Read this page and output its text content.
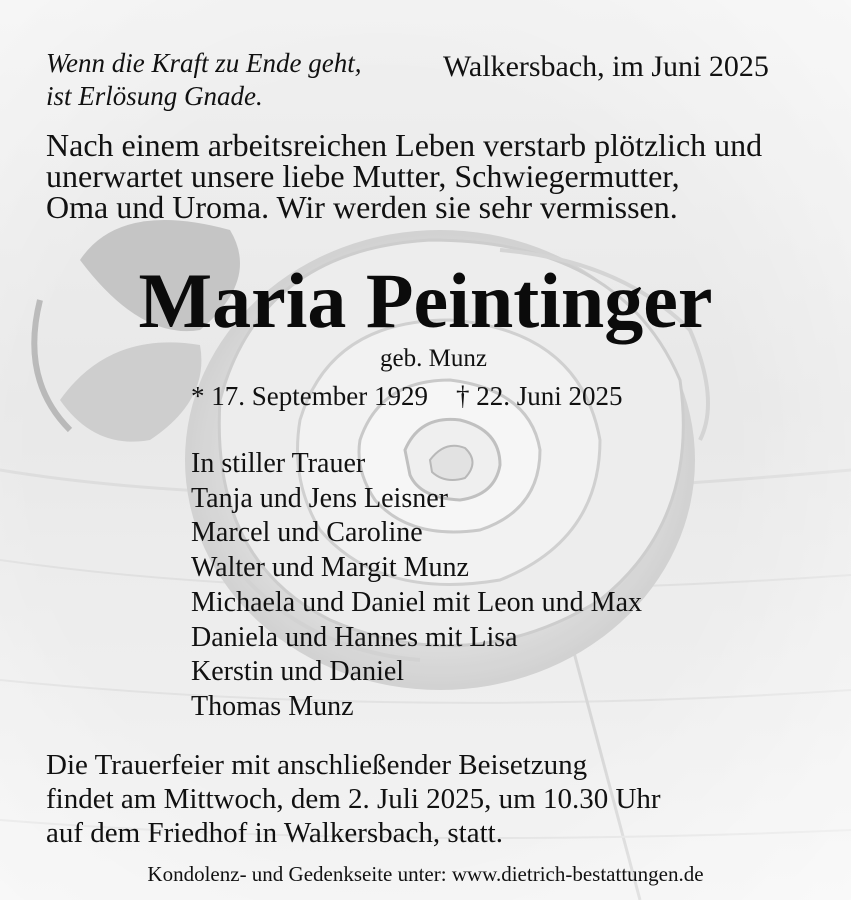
Wenn die Kraft zu Ende geht,
ist Erlösung Gnade.
Walkersbach, im Juni 2025
Nach einem arbeitsreichen Leben verstarb plötzlich und
unerwartet unsere liebe Mutter, Schwiegermutter,
Oma und Uroma. Wir werden sie sehr vermissen.
Maria Peintinger
geb. Munz
* 17. September 1929 † 22. Juni 2025
In stiller Trauer
Tanja und Jens Leisner
Marcel und Caroline
Walter und Margit Munz
Michaela und Daniel mit Leon und Max
Daniela und Hannes mit Lisa
Kerstin und Daniel
Thomas Munz
Die Trauerfeier mit anschließender Beisetzung
findet am Mittwoch, dem 2. Juli 2025, um 10.30 Uhr
auf dem Friedhof in Walkersbach, statt.
Kondolenz- und Gedenkseite unter: www.dietrich-bestattungen.de
